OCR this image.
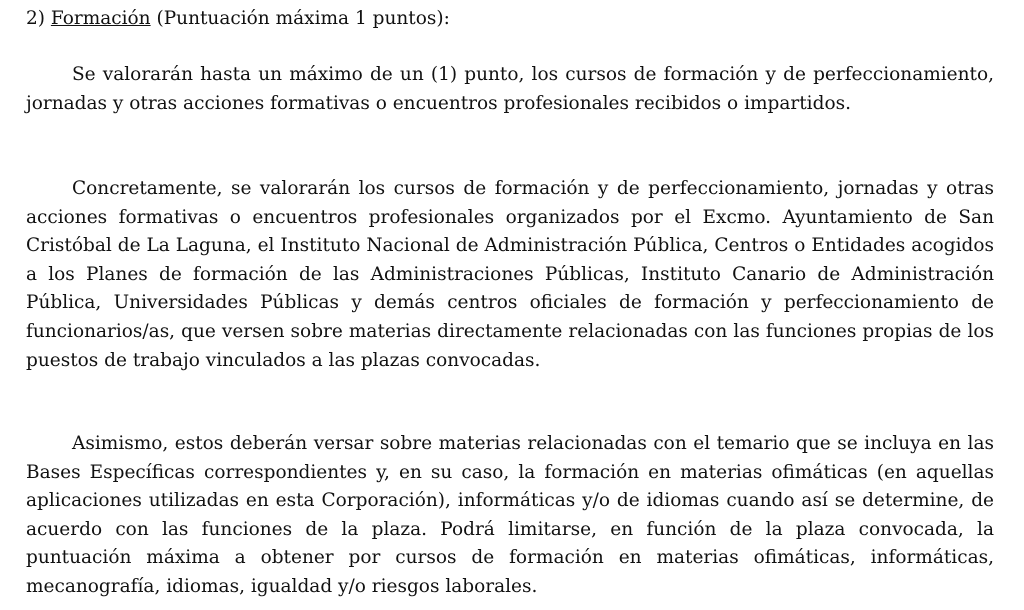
2) Formación (Puntuación máxima 1 puntos):

Se valorarán hasta un máximo de un (1) punto, los cursos de formación y de perfeccionamiento, jornadas y otras acciones formativas o encuentros profesionales recibidos o impartidos.

Concretamente, se valorarán los cursos de formación y de perfeccionamiento, jornadas y otras acciones formativas o encuentros profesionales organizados por el Excmo. Ayuntamiento de San Cristóbal de La Laguna, el Instituto Nacional de Administración Pública, Centros o Entidades acogidos a los Planes de formación de las Administraciones Públicas, Instituto Canario de Administración Pública, Universidades Públicas y demás centros oficiales de formación y perfeccionamiento de funcionarios/as, que versen sobre materias directamente relacionadas con las funciones propias de los puestos de trabajo vinculados a las plazas convocadas.

Asimismo, estos deberán versar sobre materias relacionadas con el temario que se incluya en las Bases Específicas correspondientes y, en su caso, la formación en materias ofimáticas (en aquellas aplicaciones utilizadas en esta Corporación), informáticas y/o de idiomas cuando así se determine, de acuerdo con las funciones de la plaza. Podrá limitarse, en función de la plaza convocada, la puntuación máxima a obtener por cursos de formación en materias ofimáticas, informáticas, mecanografía, idiomas, igualdad y/o riesgos laborales.
